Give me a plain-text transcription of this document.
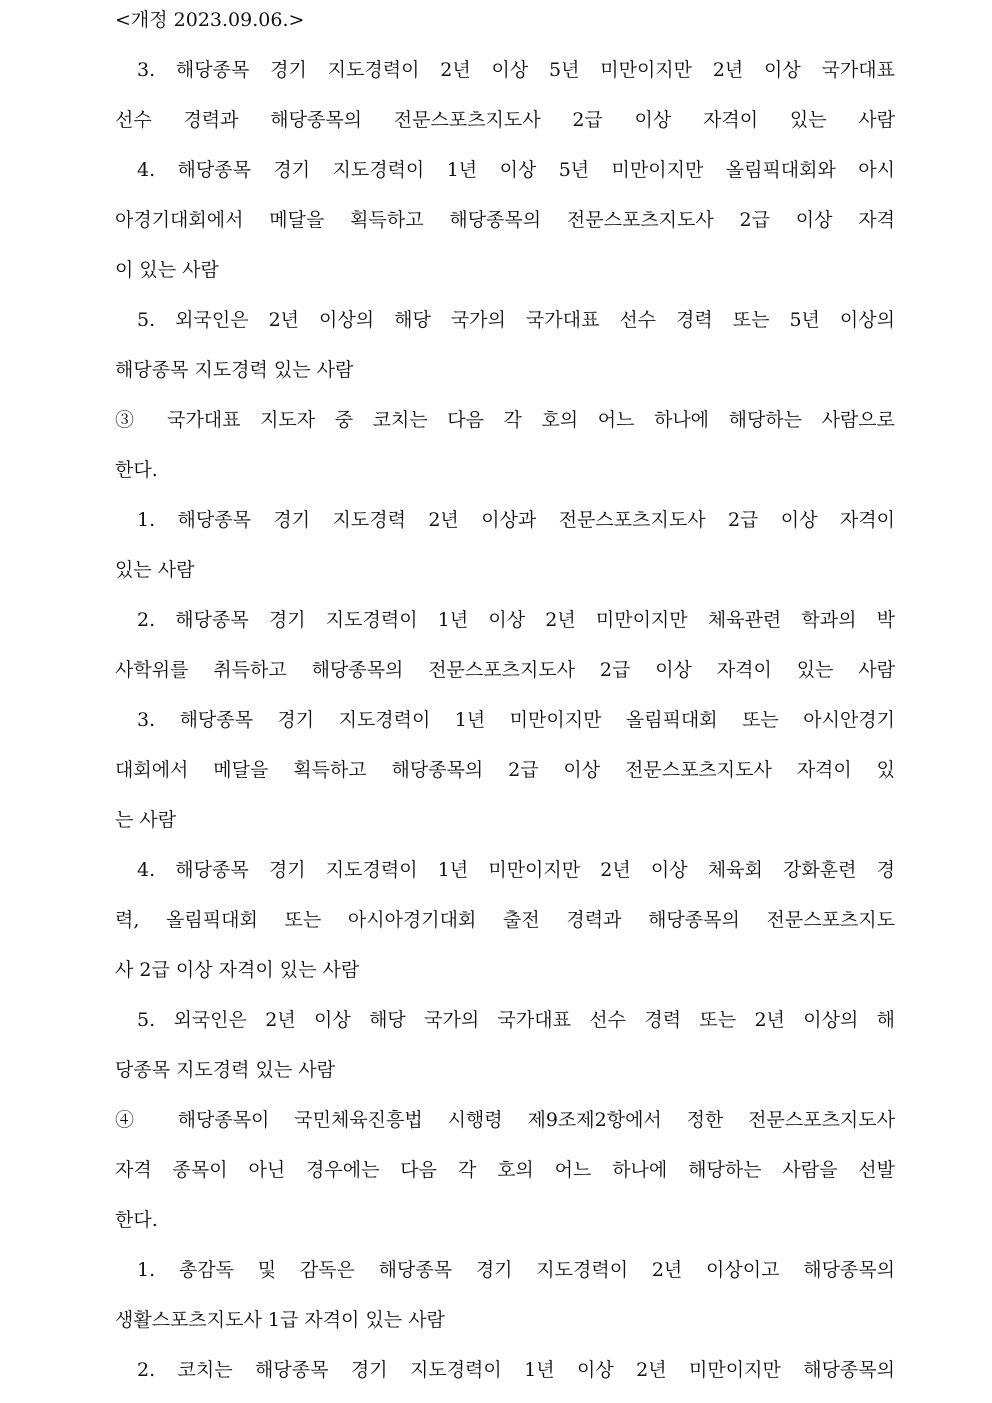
<개정 2023.09.06.>
3. 해당종목 경기 지도경력이 2년 이상 5년 미만이지만 2년 이상 국가대표
선수 경력과 해당종목의 전문스포츠지도사 2급 이상 자격이 있는 사람
4. 해당종목 경기 지도경력이 1년 이상 5년 미만이지만 올림픽대회와 아시
아경기대회에서 메달을 획득하고 해당종목의 전문스포츠지도사 2급 이상 자격
이 있는 사람
5. 외국인은 2년 이상의 해당 국가의 국가대표 선수 경력 또는 5년 이상의
해당종목 지도경력 있는 사람
③ 국가대표 지도자 중 코치는 다음 각 호의 어느 하나에 해당하는 사람으로
한다.
1. 해당종목 경기 지도경력 2년 이상과 전문스포츠지도사 2급 이상 자격이
있는 사람
2. 해당종목 경기 지도경력이 1년 이상 2년 미만이지만 체육관련 학과의 박
사학위를 취득하고 해당종목의 전문스포츠지도사 2급 이상 자격이 있는 사람
3. 해당종목 경기 지도경력이 1년 미만이지만 올림픽대회 또는 아시안경기
대회에서 메달을 획득하고 해당종목의 2급 이상 전문스포츠지도사 자격이 있
는 사람
4. 해당종목 경기 지도경력이 1년 미만이지만 2년 이상 체육회 강화훈련 경
력, 올림픽대회 또는 아시아경기대회 출전 경력과 해당종목의 전문스포츠지도
사 2급 이상 자격이 있는 사람
5. 외국인은 2년 이상 해당 국가의 국가대표 선수 경력 또는 2년 이상의 해
당종목 지도경력 있는 사람
④ 해당종목이 국민체육진흥법 시행령 제9조제2항에서 정한 전문스포츠지도사
자격 종목이 아닌 경우에는 다음 각 호의 어느 하나에 해당하는 사람을 선발
한다.
1. 총감독 및 감독은 해당종목 경기 지도경력이 2년 이상이고 해당종목의
생활스포츠지도사 1급 자격이 있는 사람
2. 코치는 해당종목 경기 지도경력이 1년 이상 2년 미만이지만 해당종목의
